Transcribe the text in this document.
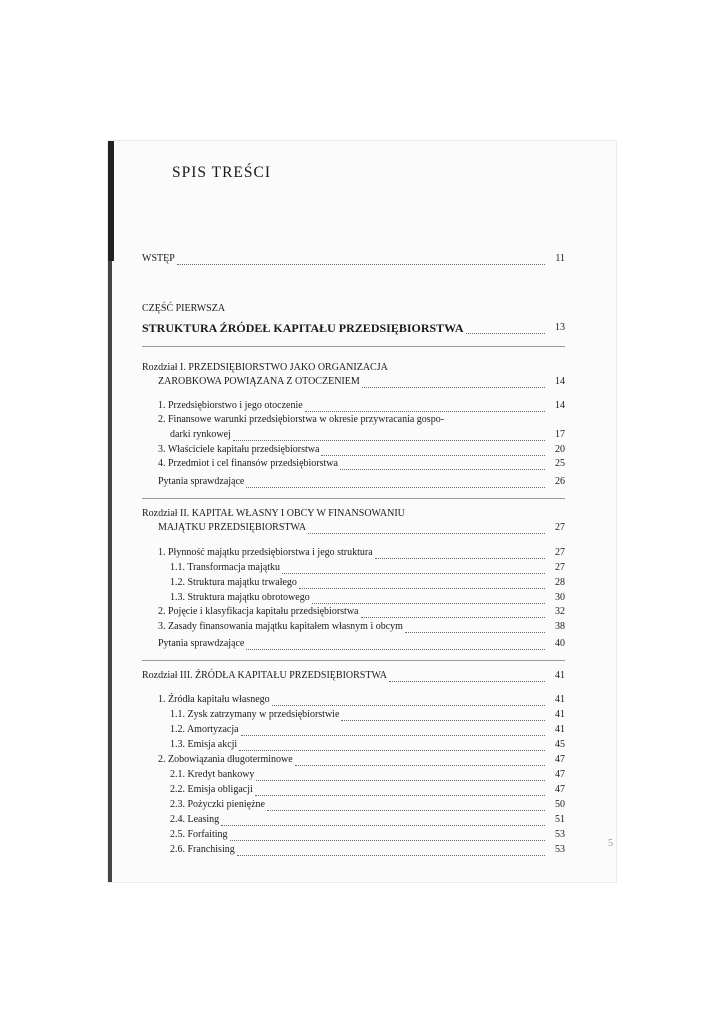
SPIS TREŚCI
WSTĘP	11
CZĘŚĆ PIERWSZA
STRUKTURA ŹRÓDEŁ KAPITAŁU PRZEDSIĘBIORSTWA	13
Rozdział I. PRZEDSIĘBIORSTWO JAKO ORGANIZACJA
ZAROBKOWA POWIĄZANA Z OTOCZENIEM	14
1. Przedsiębiorstwo i jego otoczenie	14
2. Finansowe warunki przedsiębiorstwa w okresie przywracania gospo-
darki rynkowej	17
3. Właściciele kapitału przedsiębiorstwa	20
4. Przedmiot i cel finansów przedsiębiorstwa	25
Pytania sprawdzające	26
Rozdział II. KAPITAŁ WŁASNY I OBCY W FINANSOWANIU
MAJĄTKU PRZEDSIĘBIORSTWA	27
1. Płynność majątku przedsiębiorstwa i jego struktura	27
1.1. Transformacja majątku	27
1.2. Struktura majątku trwałego	28
1.3. Struktura majątku obrotowego	30
2. Pojęcie i klasyfikacja kapitału przedsiębiorstwa	32
3. Zasady finansowania majątku kapitałem własnym i obcym	38
Pytania sprawdzające	40
Rozdział III. ŹRÓDŁA KAPITAŁU PRZEDSIĘBIORSTWA	41
1. Źródła kapitału własnego	41
1.1. Zysk zatrzymany w przedsiębiorstwie	41
1.2. Amortyzacja	41
1.3. Emisja akcji	45
2. Zobowiązania długoterminowe	47
2.1. Kredyt bankowy	47
2.2. Emisja obligacji	47
2.3. Pożyczki pieniężne	50
2.4. Leasing	51
2.5. Forfaiting	53
2.6. Franchising	53
5
